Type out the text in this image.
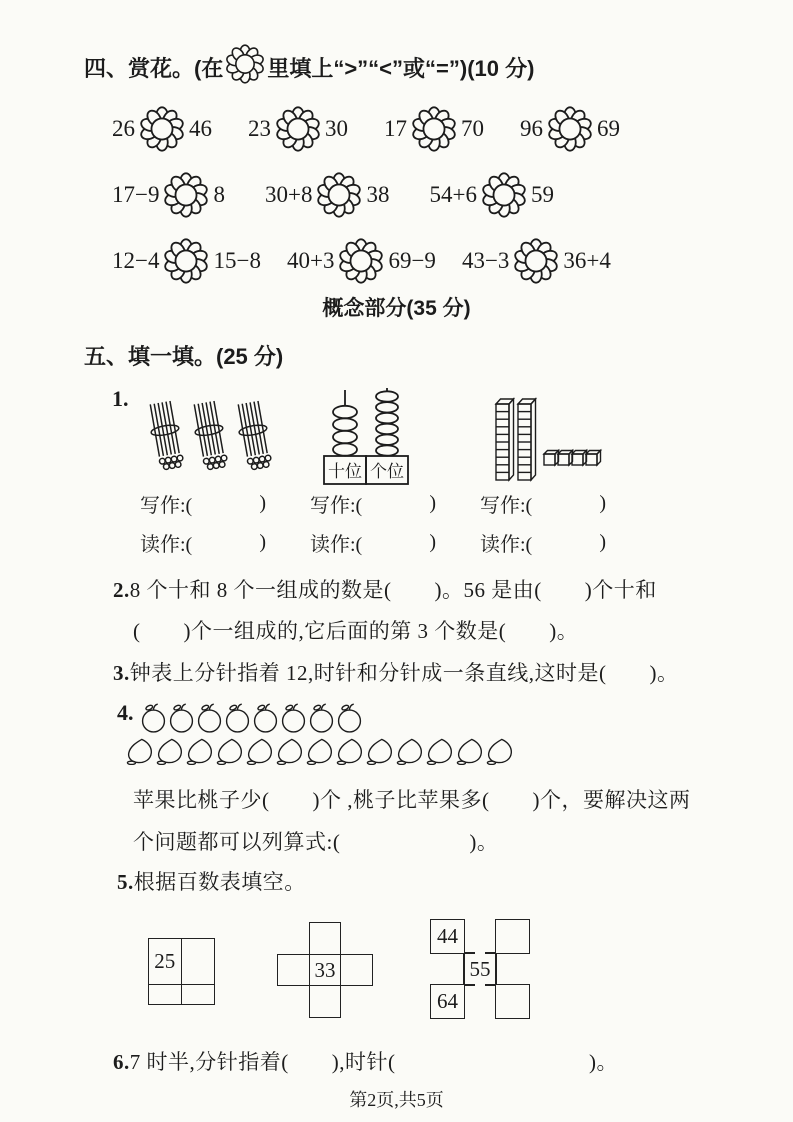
四、赏花。(在 里填上“>”“<”或“=”)(10 分)
26 46 23 30 17 70 96 69
17−9 8 30+8 38 54+6 59
12−4 15−8 40+3 69−9 43−3 36+4
概念部分(35 分)
五、填一填。(25 分)
1.
十位 个位
写作:(	)
读作:(	)
写作:(	)
读作:(	)
写作:(	)
读作:(	)
2.8 个十和 8 个一组成的数是(　　)。56 是由(　　)个十和
(　　)个一组成的,它后面的第 3 个数是(　　)。
3.钟表上分针指着 12,时针和分针成一条直线,这时是(　　)。
4.
苹果比桃子少(　　)个 ,桃子比苹果多(　　)个，要解决这两
个问题都可以列算式:(　　　　　　)。
5.根据百数表填空。
25	33
44
64
55
6.7 时半,分针指着(　　),时针(　　　　　　　　　)。
第2页,共5页
